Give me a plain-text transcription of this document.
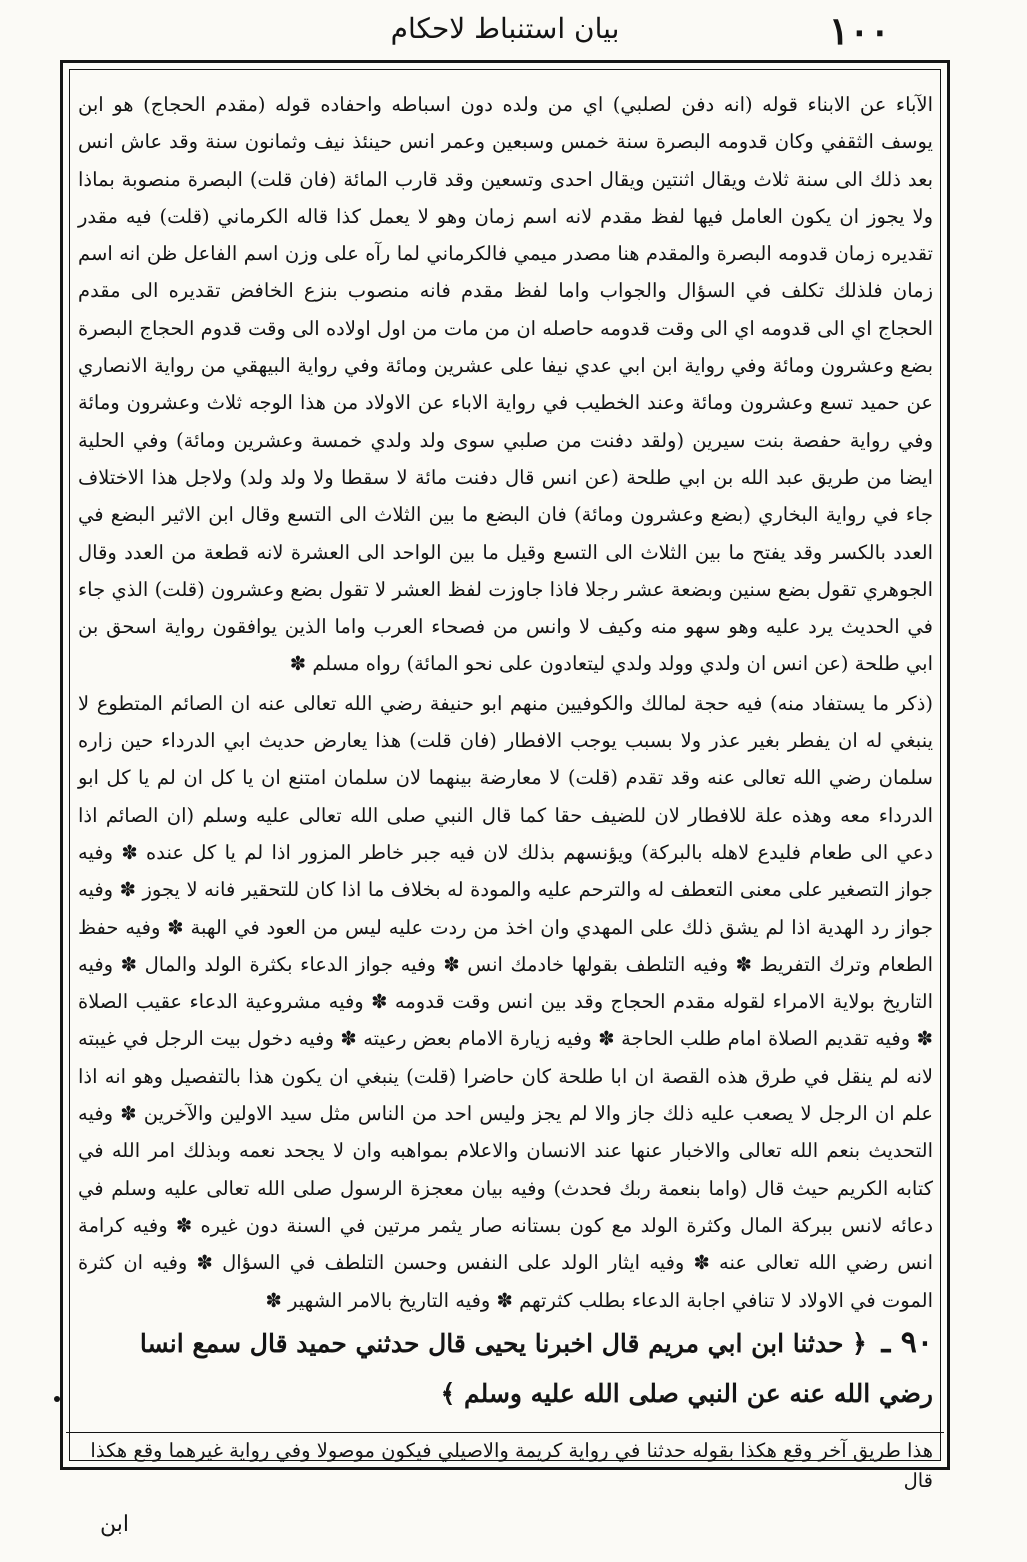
١٠٠
بيان استنباط لاحكام

الآباء عن الابناء قوله (انه دفن لصلبي) اي من ولده دون اسباطه واحفاده قوله (مقدم الحجاج) هو ابن يوسف الثقفي وكان قدومه البصرة سنة خمس وسبعين وعمر انس حينئذ نيف وثمانون سنة وقد عاش انس بعد ذلك الى سنة ثلاث ويقال اثنتين ويقال احدى وتسعين وقد قارب المائة (فان قلت) البصرة منصوبة بماذا ولا يجوز ان يكون العامل فيها لفظ مقدم لانه اسم زمان وهو لا يعمل كذا قاله الكرماني (قلت) فيه مقدر تقديره زمان قدومه البصرة والمقدم هنا مصدر ميمي فالكرماني لما رآه على وزن اسم الفاعل ظن انه اسم زمان فلذلك تكلف في السؤال والجواب واما لفظ مقدم فانه منصوب بنزع الخافض تقديره الى مقدم الحجاج اي الى قدومه اي الى وقت قدومه حاصله ان من مات من اول اولاده الى وقت قدوم الحجاج البصرة بضع وعشرون ومائة وفي رواية ابن ابي عدي نيفا على عشرين ومائة وفي رواية البيهقي من رواية الانصاري عن حميد تسع وعشرون ومائة وعند الخطيب في رواية الاباء عن الاولاد من هذا الوجه ثلاث وعشرون ومائة وفي رواية حفصة بنت سيرين (ولقد دفنت من صلبي سوى ولد ولدي خمسة وعشرين ومائة) وفي الحلية ايضا من طريق عبد الله بن ابي طلحة (عن انس قال دفنت مائة لا سقطا ولا ولد ولد) ولاجل هذا الاختلاف جاء في رواية البخاري (بضع وعشرون ومائة) فان البضع ما بين الثلاث الى التسع وقال ابن الاثير البضع في العدد بالكسر وقد يفتح ما بين الثلاث الى التسع وقيل ما بين الواحد الى العشرة لانه قطعة من العدد وقال الجوهري تقول بضع سنين وبضعة عشر رجلا فاذا جاوزت لفظ العشر لا تقول بضع وعشرون (قلت) الذي جاء في الحديث يرد عليه وهو سهو منه وكيف لا وانس من فصحاء العرب واما الذين يوافقون رواية اسحق بن ابي طلحة (عن انس ان ولدي وولد ولدي ليتعادون على نحو المائة) رواه مسلم ✽

(ذكر ما يستفاد منه) فيه حجة لمالك والكوفيين منهم ابو حنيفة رضي الله تعالى عنه ان الصائم المتطوع لا ينبغي له ان يفطر بغير عذر ولا بسبب يوجب الافطار (فان قلت) هذا يعارض حديث ابي الدرداء حين زاره سلمان رضي الله تعالى عنه وقد تقدم (قلت) لا معارضة بينهما لان سلمان امتنع ان يا كل ان لم يا كل ابو الدرداء معه وهذه علة للافطار لان للضيف حقا كما قال النبي صلى الله تعالى عليه وسلم (ان الصائم اذا دعي الى طعام فليدع لاهله بالبركة) ويؤنسهم بذلك لان فيه جبر خاطر المزور اذا لم يا كل عنده ✽ وفيه جواز التصغير على معنى التعطف له والترحم عليه والمودة له بخلاف ما اذا كان للتحقير فانه لا يجوز ✽ وفيه جواز رد الهدية اذا لم يشق ذلك على المهدي وان اخذ من ردت عليه ليس من العود في الهبة ✽ وفيه حفظ الطعام وترك التفريط ✽ وفيه التلطف بقولها خادمك انس ✽ وفيه جواز الدعاء بكثرة الولد والمال ✽ وفيه التاريخ بولاية الامراء لقوله مقدم الحجاج وقد بين انس وقت قدومه ✽ وفيه مشروعية الدعاء عقيب الصلاة ✽ وفيه تقديم الصلاة امام طلب الحاجة ✽ وفيه زيارة الامام بعض رعيته ✽ وفيه دخول بيت الرجل في غيبته لانه لم ينقل في طرق هذه القصة ان ابا طلحة كان حاضرا (قلت) ينبغي ان يكون هذا بالتفصيل وهو انه اذا علم ان الرجل لا يصعب عليه ذلك جاز والا لم يجز وليس احد من الناس مثل سيد الاولين والآخرين ✽ وفيه التحديث بنعم الله تعالى والاخبار عنها عند الانسان والاعلام بمواهبه وان لا يجحد نعمه وبذلك امر الله في كتابه الكريم حيث قال (واما بنعمة ربك فحدث) وفيه بيان معجزة الرسول صلى الله تعالى عليه وسلم في دعائه لانس ببركة المال وكثرة الولد مع كون بستانه صار يثمر مرتين في السنة دون غيره ✽ وفيه كرامة انس رضي الله تعالى عنه ✽ وفيه ايثار الولد على النفس وحسن التلطف في السؤال ✽ وفيه ان كثرة الموت في الاولاد لا تنافي اجابة الدعاء بطلب كثرتهم ✽ وفيه التاريخ بالامر الشهير ✽

٩٠ ـ ﴿ حدثنا ابن ابي مريم قال اخبرنا يحيى قال حدثني حميد قال سمع انسا رضي الله عنه عن النبي صلى الله عليه وسلم ﴾
هذا طريق آخر وقع هكذا بقوله حدثنا في رواية كريمة والاصيلي فيكون موصولا وفي رواية غيرهما وقع هكذا قال
ابن
